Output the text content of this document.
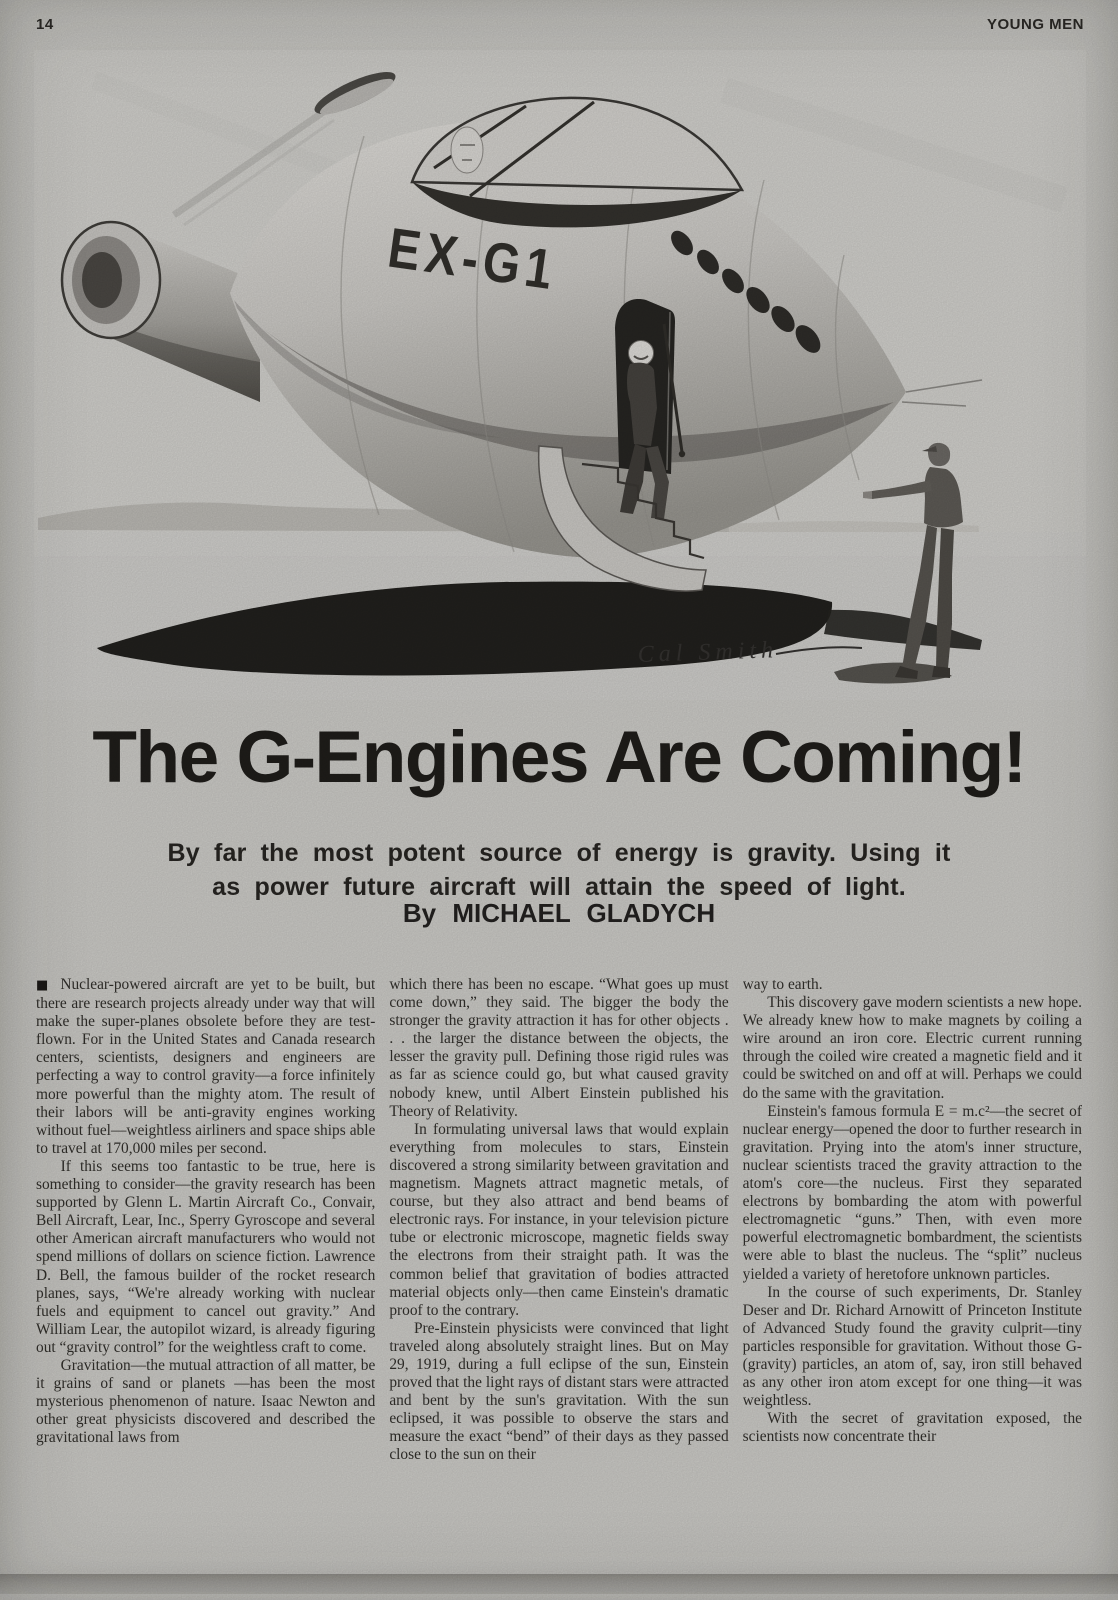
14	YOUNG MEN
EX-G1
Cal Smith
The G-Engines Are Coming!
By far the most potent source of energy is gravity. Using it
as power future aircraft will attain the speed of light.
By MICHAEL GLADYCH

■ Nuclear-powered aircraft are yet to be built, but there are research projects already under way that will make the super-planes obsolete before they are test-flown. For in the United States and Canada research centers, scientists, designers and engineers are perfecting a way to control gravity—a force infinitely more powerful than the mighty atom. The result of their labors will be anti-gravity engines working without fuel—weightless airliners and space ships able to travel at 170,000 miles per second.

If this seems too fantastic to be true, here is something to consider—the gravity research has been supported by Glenn L. Martin Aircraft Co., Convair, Bell Aircraft, Lear, Inc., Sperry Gyroscope and several other American aircraft manufacturers who would not spend millions of dollars on science fiction. Lawrence D. Bell, the famous builder of the rocket research planes, says, “We're already working with nuclear fuels and equipment to cancel out gravity.” And William Lear, the autopilot wizard, is already figuring out “gravity control” for the weightless craft to come.

Gravitation—the mutual attraction of all matter, be it grains of sand or planets —has been the most mysterious phenomenon of nature. Isaac Newton and other great physicists discovered and described the gravitational laws from

which there has been no escape. “What goes up must come down,” they said. The bigger the body the stronger the gravity attraction it has for other objects . . . the larger the distance between the objects, the lesser the gravity pull. Defining those rigid rules was as far as science could go, but what caused gravity nobody knew, until Albert Einstein published his Theory of Relativity.

In formulating universal laws that would explain everything from molecules to stars, Einstein discovered a strong similarity between gravitation and magnetism. Magnets attract magnetic metals, of course, but they also attract and bend beams of electronic rays. For instance, in your television picture tube or electronic microscope, magnetic fields sway the electrons from their straight path. It was the common belief that gravitation of bodies attracted material objects only—then came Einstein's dramatic proof to the contrary.

Pre-Einstein physicists were convinced that light traveled along absolutely straight lines. But on May 29, 1919, during a full eclipse of the sun, Einstein proved that the light rays of distant stars were attracted and bent by the sun's gravitation. With the sun eclipsed, it was possible to observe the stars and measure the exact “bend” of their days as they passed close to the sun on their

way to earth.

This discovery gave modern scientists a new hope. We already knew how to make magnets by coiling a wire around an iron core. Electric current running through the coiled wire created a magnetic field and it could be switched on and off at will. Perhaps we could do the same with the gravitation.

Einstein's famous formula E = m.c²—the secret of nuclear energy—opened the door to further research in gravitation. Prying into the atom's inner structure, nuclear scientists traced the gravity attraction to the atom's core—the nucleus. First they separated electrons by bombarding the atom with powerful electromagnetic “guns.” Then, with even more powerful electromagnetic bombardment, the scientists were able to blast the nucleus. The “split” nucleus yielded a variety of heretofore unknown particles.

In the course of such experiments, Dr. Stanley Deser and Dr. Richard Arnowitt of Princeton Institute of Advanced Study found the gravity culprit—tiny particles responsible for gravitation. Without those G-(gravity) particles, an atom of, say, iron still behaved as any other iron atom except for one thing—it was weightless.

With the secret of gravitation exposed, the scientists now concentrate their
